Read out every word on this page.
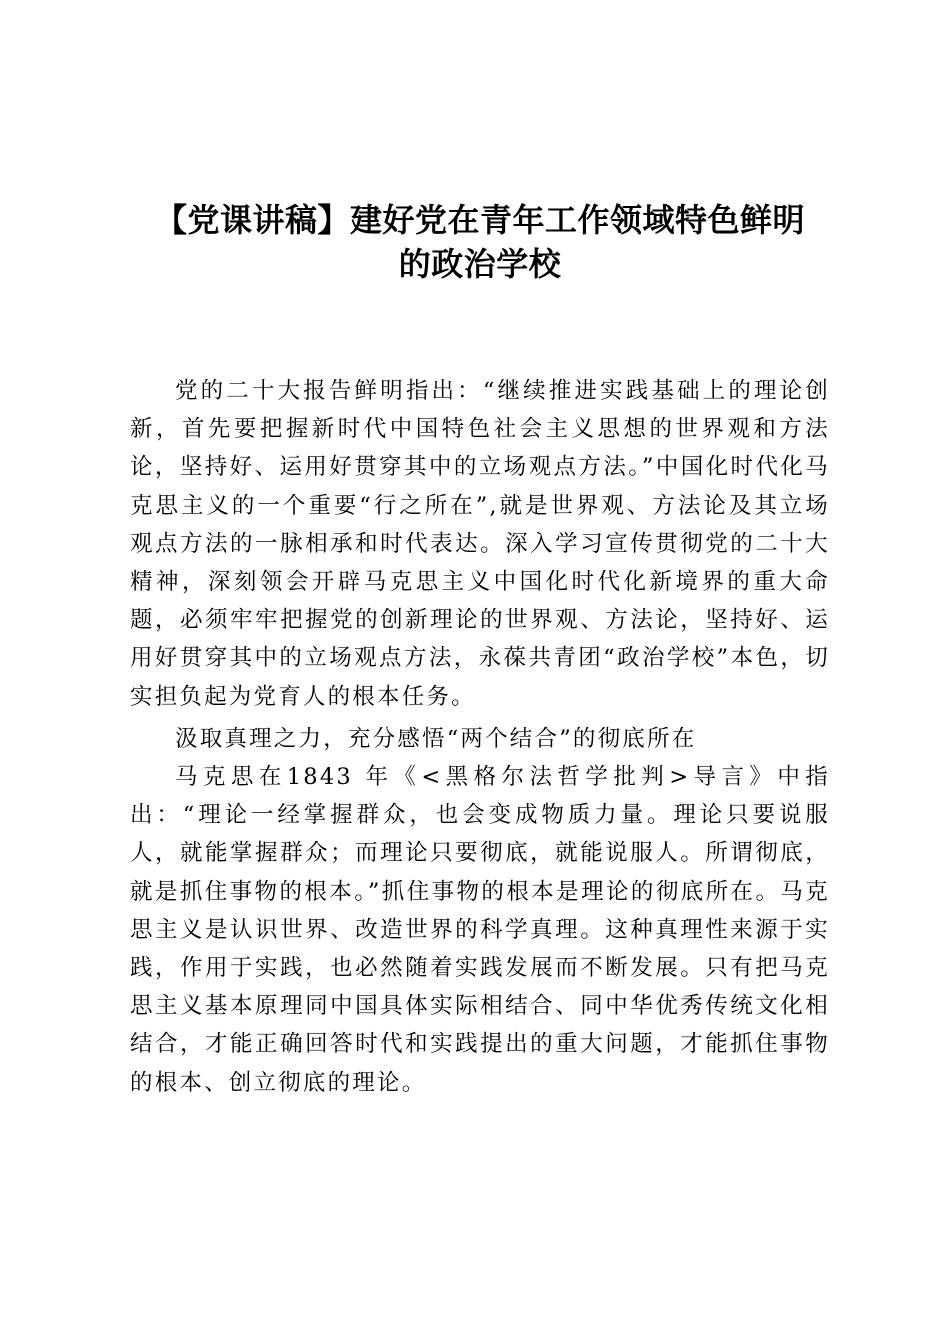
【党课讲稿】建好党在青年工作领域特色鲜明
的政治学校

党的二十大报告鲜明指出：“继续推进实践基础上的理论创新，首先要把握新时代中国特色社会主义思想的世界观和方法论，坚持好、运用好贯穿其中的立场观点方法。”中国化时代化马克思主义的一个重要“行之所在”,就是世界观、方法论及其立场观点方法的一脉相承和时代表达。深入学习宣传贯彻党的二十大精神，深刻领会开辟马克思主义中国化时代化新境界的重大命题，必须牢牢把握党的创新理论的世界观、方法论，坚持好、运用好贯穿其中的立场观点方法，永葆共青团“政治学校”本色，切实担负起为党育人的根本任务。

汲取真理之力，充分感悟“两个结合”的彻底所在

马克思在1843 年《<黑格尔法哲学批判>导言》中指出：“理论一经掌握群众，也会变成物质力量。理论只要说服人，就能掌握群众；而理论只要彻底，就能说服人。所谓彻底，就是抓住事物的根本。”抓住事物的根本是理论的彻底所在。马克思主义是认识世界、改造世界的科学真理。这种真理性来源于实践，作用于实践，也必然随着实践发展而不断发展。只有把马克思主义基本原理同中国具体实际相结合、同中华优秀传统文化相结合，才能正确回答时代和实践提出的重大问题，才能抓住事物的根本、创立彻底的理论。
